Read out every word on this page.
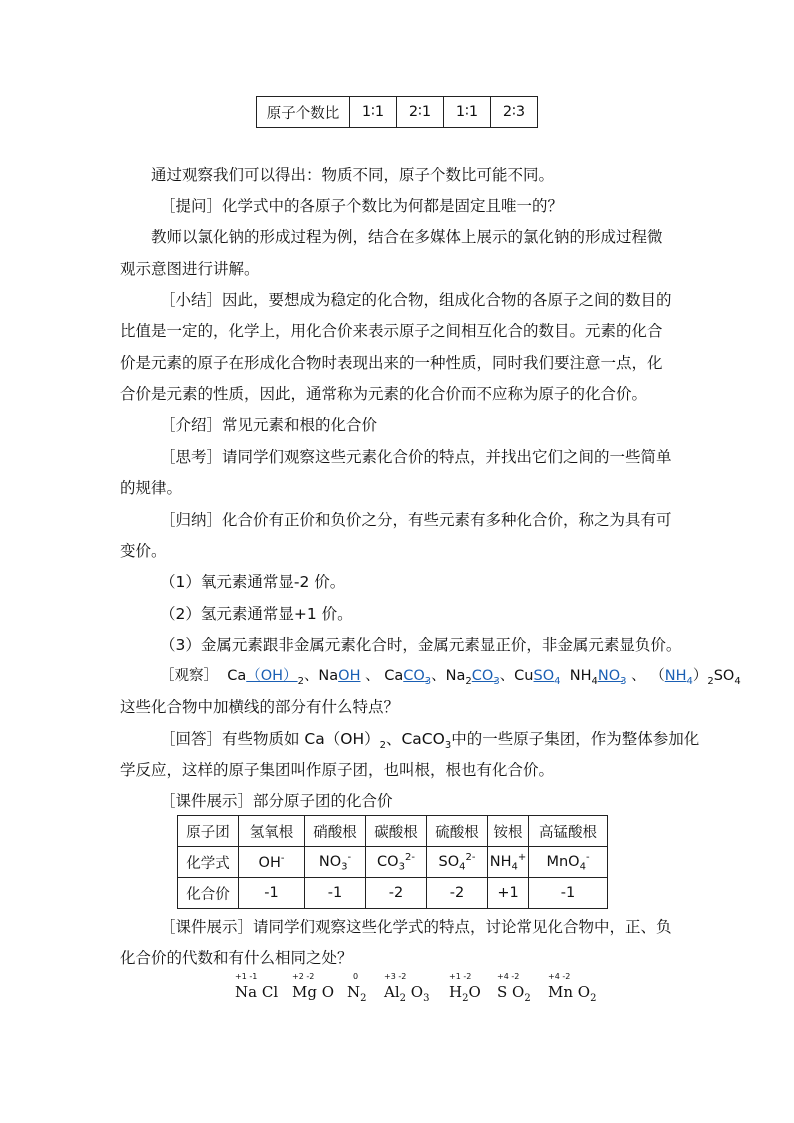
原子个数比	1∶1	2∶1	1∶1	2∶3
通过观察我们可以得出：物质不同，原子个数比可能不同。
［提问］化学式中的各原子个数比为何都是固定且唯一的？
教师以氯化钠的形成过程为例，结合在多媒体上展示的氯化钠的形成过程微
观示意图进行讲解。
［小结］因此，要想成为稳定的化合物，组成化合物的各原子之间的数目的
比值是一定的，化学上，用化合价来表示原子之间相互化合的数目。元素的化合
价是元素的原子在形成化合物时表现出来的一种性质，同时我们要注意一点，化
合价是元素的性质，因此，通常称为元素的化合价而不应称为原子的化合价。
［介绍］常见元素和根的化合价
［思考］请同学们观察这些元素化合价的特点，并找出它们之间的一些简单
的规律。
［归纳］化合价有正价和负价之分，有些元素有多种化合价，称之为具有可
变价。
（1）氧元素通常显-2 价。
（2）氢元素通常显+1 价。
（3）金属元素跟非金属元素化合时，金属元素显正价，非金属元素显负价。
［观察］  $Ca(OH)_2$、NaOH 、 CaCO$_3$、$Na_2CO_3$、CuSO$_4$  $NH_4NO_3$ 、 $(NH_4)_2SO_4$
这些化合物中加横线的部分有什么特点？
［回答］有些物质如 $Ca(OH)_2$、CaCO$_3$中的一些原子集团，作为整体参加化
学反应，这样的原子集团叫作原子团，也叫根，根也有化合价。
［课件展示］部分原子团的化合价
原子团	氢氧根	硝酸根	碳酸根	硫酸根	铵根	高锰酸根
化学式	OH-	$NO_3^-$	$CO_3^{2-}$	$SO_4^{2-}$	$NH_4^+$	MnO$_4$-
化合价	-1	-1	-2	-2	+1	-1
［课件展示］请同学们观察这些化学式的特点，讨论常见化合物中，正、负
化合价的代数和有什么相同之处？
+1 -1
Na Cl
+2 -2
Mg O
0
$N_2$
+3 -2
$Al_2$ $O_3$
+1 -2
$H_2O$
+4 -2
S $O_2$
+4 -2
Mn $O_2$
